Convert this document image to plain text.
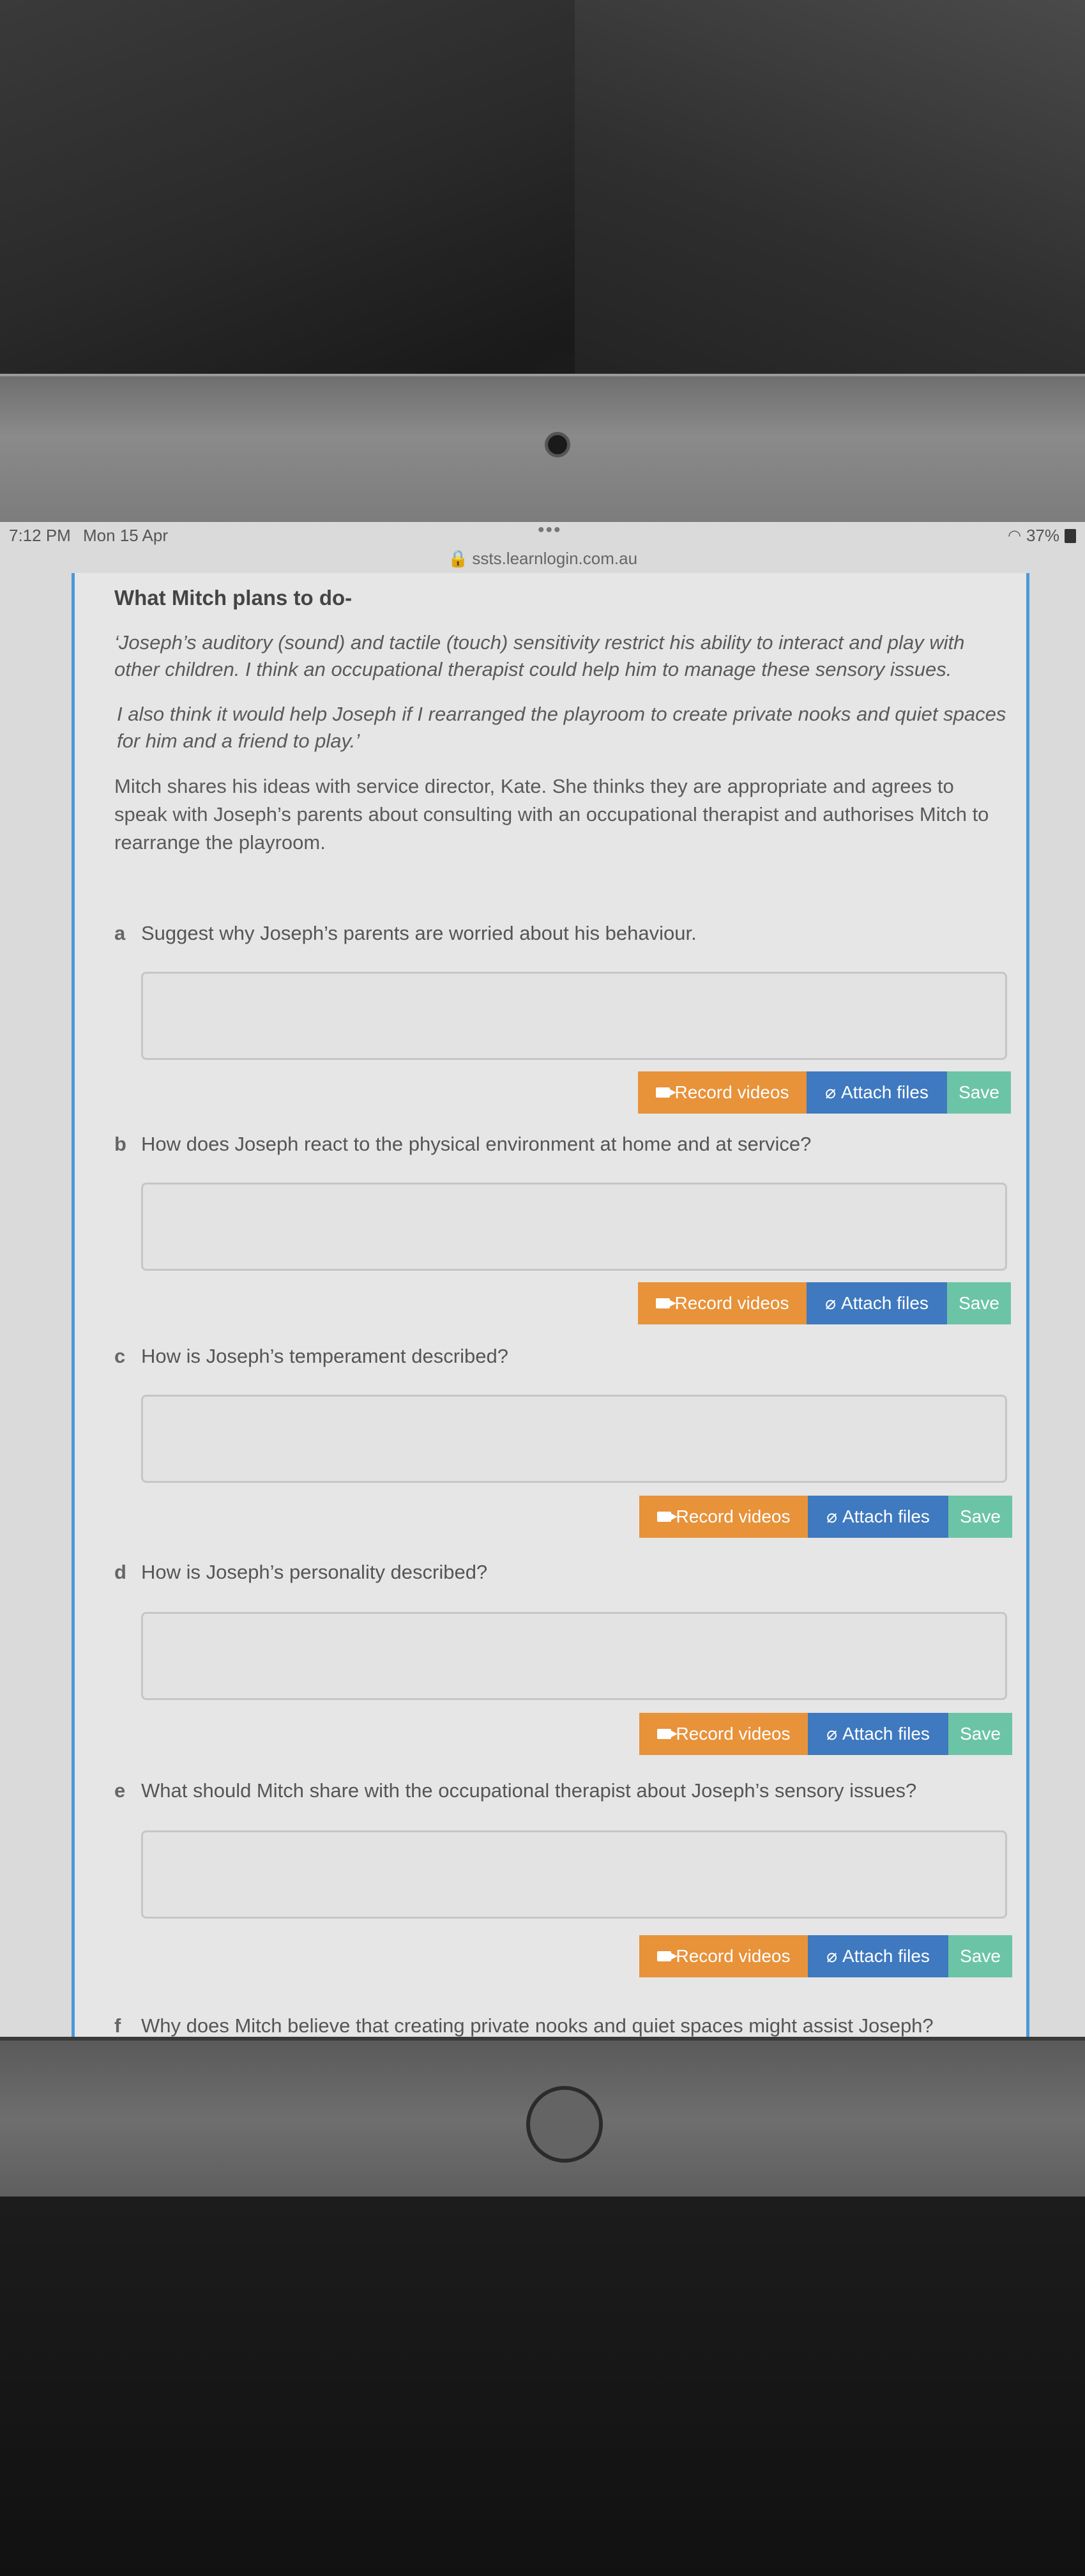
7:12 PM Mon 15 Apr	•••	◠ 37%
🔒 ssts.learnlogin.com.au
What Mitch plans to do-

‘Joseph’s auditory (sound) and tactile (touch) sensitivity restrict his ability to interact and play with other children. I think an occupational therapist could help him to manage these sensory issues.

I also think it would help Joseph if I rearranged the playroom to create private nooks and quiet spaces for him and a friend to play.’

Mitch shares his ideas with service director, Kate. She thinks they are appropriate and agrees to speak with Joseph’s parents about consulting with an occupational therapist and authorises Mitch to rearrange the playroom.

a Suggest why Joseph’s parents are worried about his behaviour.
Record videos ⌀ Attach files Save
b How does Joseph react to the physical environment at home and at service?
Record videos ⌀ Attach files Save
c How is Joseph’s temperament described?
Record videos ⌀ Attach files Save
d How is Joseph’s personality described?
Record videos ⌀ Attach files Save
e What should Mitch share with the occupational therapist about Joseph’s sensory issues?
Record videos ⌀ Attach files Save
f Why does Mitch believe that creating private nooks and quiet spaces might assist Joseph?
